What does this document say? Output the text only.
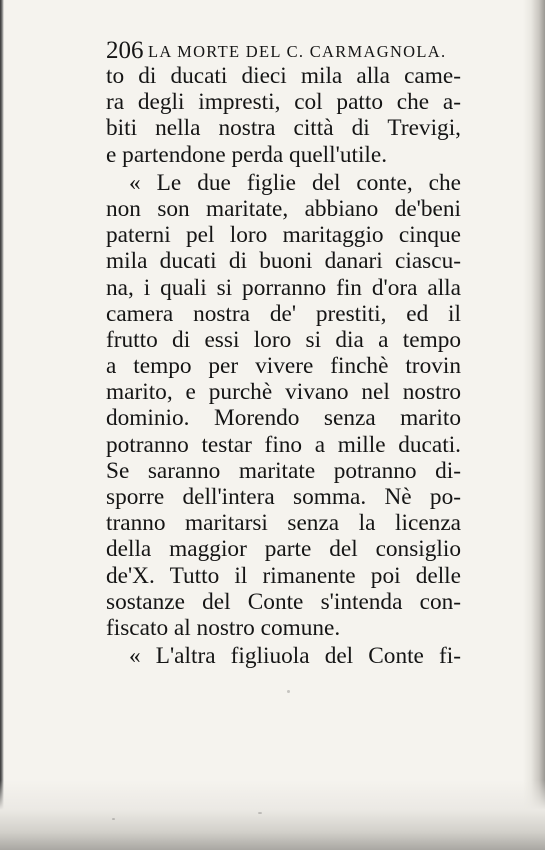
206 LA MORTE DEL C. CARMAGNOLA.
to di ducati dieci mila alla came-
ra degli impresti, col patto che a-
biti nella nostra città di Trevigi,
e partendone perda quell'utile.
« Le due figlie del conte, che
non son maritate, abbiano de'beni
paterni pel loro maritaggio cinque
mila ducati di buoni danari ciascu-
na, i quali si porranno fin d'ora alla
camera nostra de' prestiti, ed il
frutto di essi loro si dia a tempo
a tempo per vivere finchè trovin
marito, e purchè vivano nel nostro
dominio. Morendo senza marito
potranno testar fino a mille ducati.
Se saranno maritate potranno di-
sporre dell'intera somma. Nè po-
tranno maritarsi senza la licenza
della maggior parte del consiglio
de'X. Tutto il rimanente poi delle
sostanze del Conte s'intenda con-
fiscato al nostro comune.
« L'altra figliuola del Conte fi-
